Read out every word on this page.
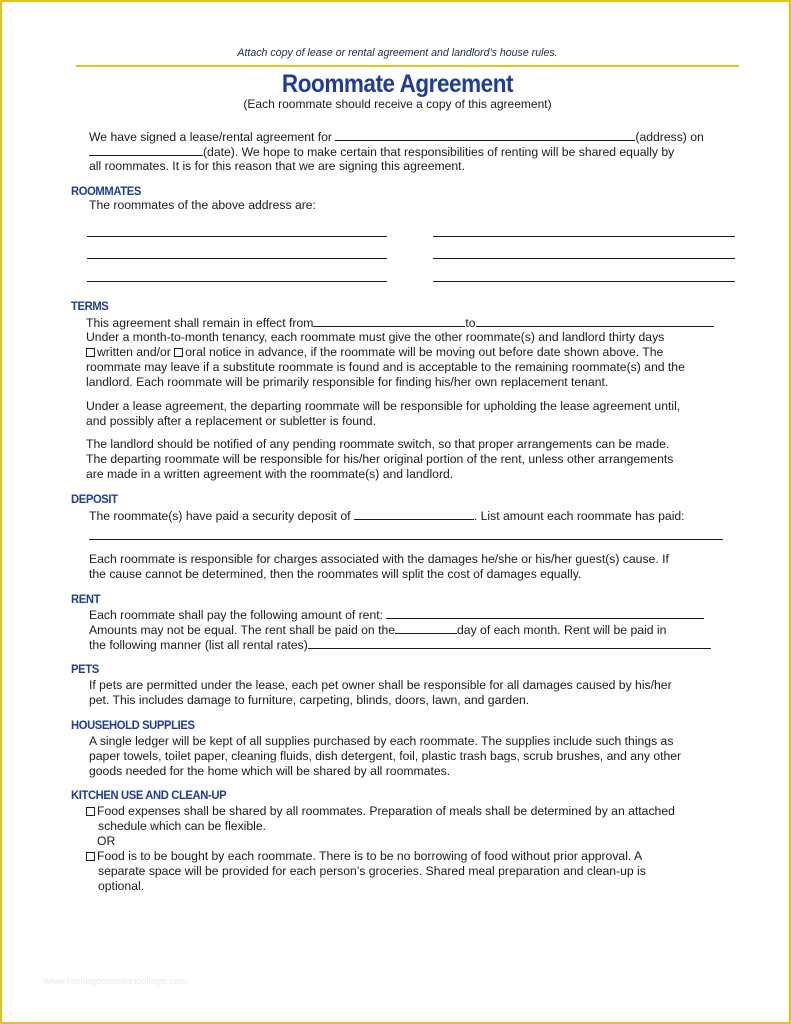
Attach copy of lease or rental agreement and landlord’s house rules.
Roommate Agreement
(Each roommate should receive a copy of this agreement)
We have signed a lease/rental agreement for	(address) on
(date). We hope to make certain that responsibilities of renting will be shared equally by
all roommates. It is for this reason that we are signing this agreement.
ROOMMATES
The roommates of the above address are:
TERMS
This agreement shall remain in effect from	to
Under a month-to-month tenancy, each roommate must give the other roommate(s) and landlord thirty days
written and/or oral notice in advance, if the roommate will be moving out before date shown above. The
roommate may leave if a substitute roommate is found and is acceptable to the remaining roommate(s) and the
landlord. Each roommate will be primarily responsible for finding his/her own replacement tenant.
Under a lease agreement, the departing roommate will be responsible for upholding the lease agreement until,
and possibly after a replacement or subletter is found.
The landlord should be notified of any pending roommate switch, so that proper arrangements can be made.
The departing roommate will be responsible for his/her original portion of the rent, unless other arrangements
are made in a written agreement with the roommate(s) and landlord.
DEPOSIT
The roommate(s) have paid a security deposit of	. List amount each roommate has paid:
Each roommate is responsible for charges associated with the damages he/she or his/her guest(s) cause. If
the cause cannot be determined, then the roommates will split the cost of damages equally.
RENT
Each roommate shall pay the following amount of rent:
Amounts may not be equal. The rent shall be paid on the	day of each month. Rent will be paid in
the following manner (list all rental rates)
PETS
If pets are permitted under the lease, each pet owner shall be responsible for all damages caused by his/her
pet. This includes damage to furniture, carpeting, blinds, doors, lawn, and garden.
HOUSEHOLD SUPPLIES
A single ledger will be kept of all supplies purchased by each roommate. The supplies include such things as
paper towels, toilet paper, cleaning fluids, dish detergent, foil, plastic trash bags, scrub brushes, and any other
goods needed for the home which will be shared by all roommates.
KITCHEN USE AND CLEAN-UP
Food expenses shall be shared by all roommates. Preparation of meals shall be determined by an attached
schedule which can be flexible.
OR
Food is to be bought by each roommate. There is to be no borrowing of food without prior approval. A
separate space will be provided for each person’s groceries. Shared meal preparation and clean-up is
optional.
www.heritagechristiancollege.com
